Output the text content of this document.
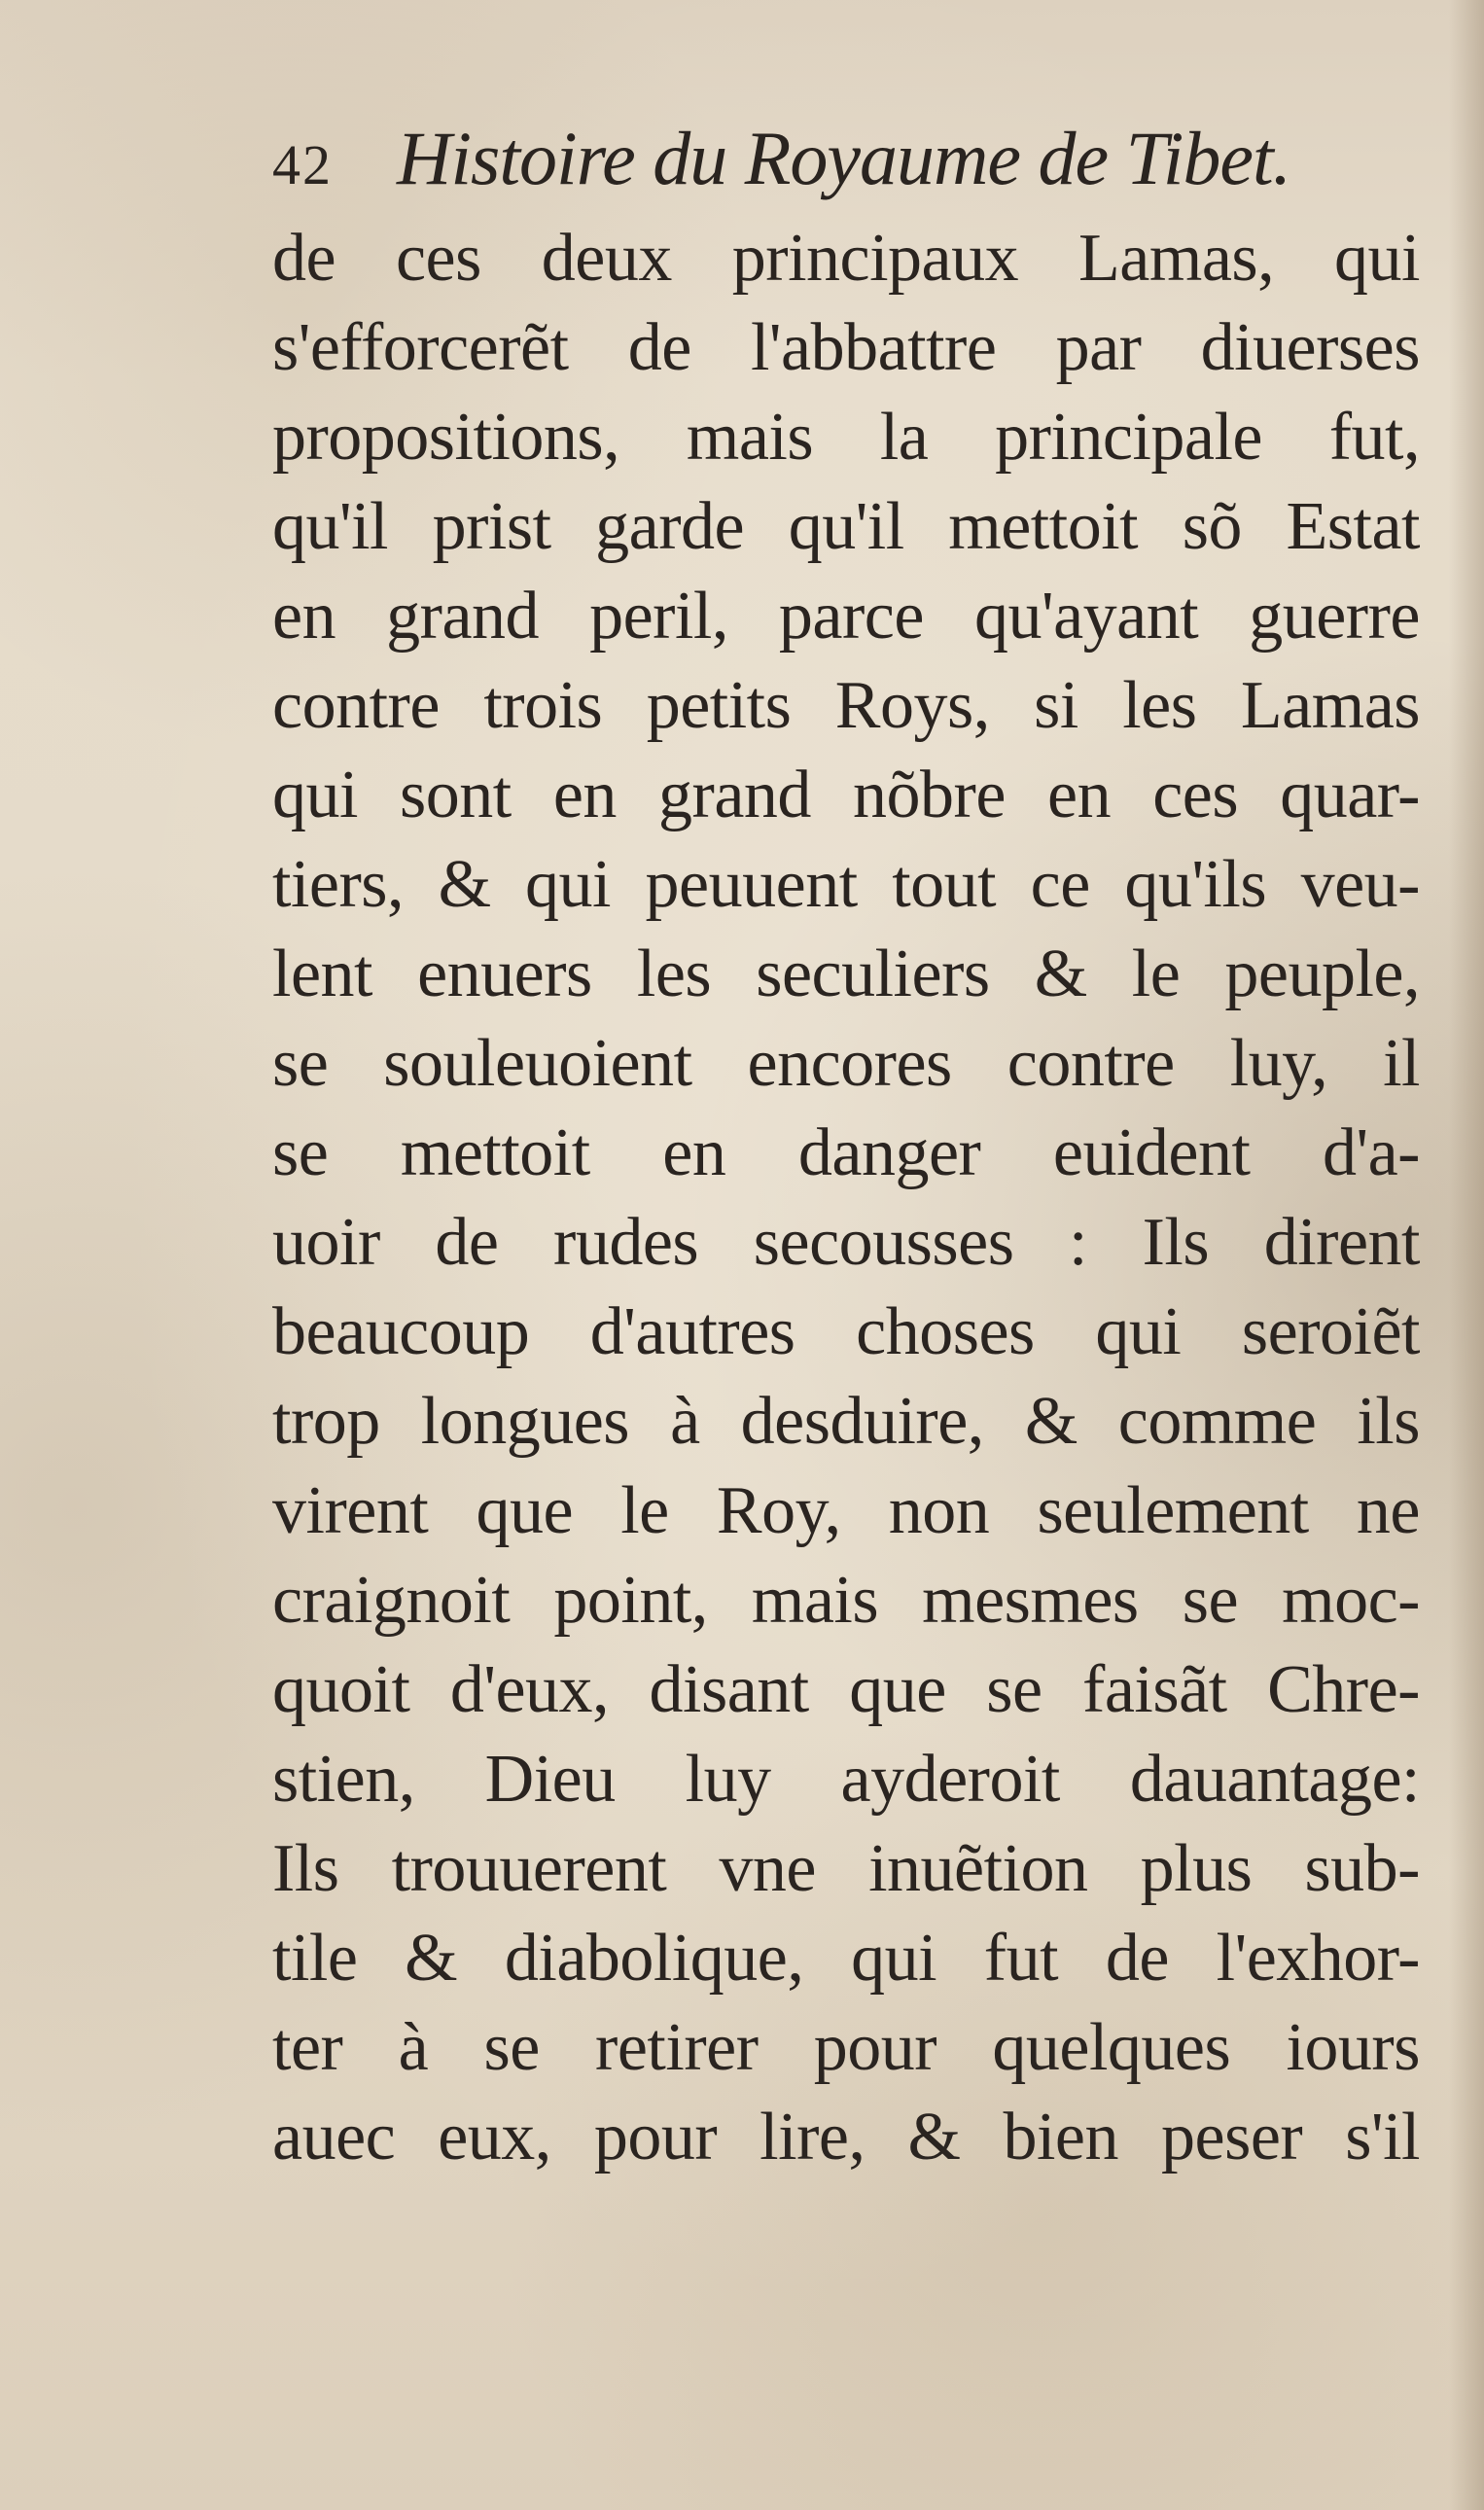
42 Histoire du Royaume de Tibet.
de ces deux principaux Lamas, qui
s'efforcerẽt de l'abbattre par diuerses
propositions, mais la principale fut,
qu'il prist garde qu'il mettoit sõ Estat
en grand peril, parce qu'ayant guerre
contre trois petits Roys, si les Lamas
qui sont en grand nõbre en ces quar-
tiers, & qui peuuent tout ce qu'ils veu-
lent enuers les seculiers & le peuple,
se souleuoient encores contre luy, il
se mettoit en danger euident d'a-
uoir de rudes secousses : Ils dirent
beaucoup d'autres choses qui seroiẽt
trop longues à desduire, & comme ils
virent que le Roy, non seulement ne
craignoit point, mais mesmes se moc-
quoit d'eux, disant que se faisãt Chre-
stien, Dieu luy ayderoit dauantage:
Ils trouuerent vne inuẽtion plus sub-
tile & diabolique, qui fut de l'exhor-
ter à se retirer pour quelques iours
auec eux, pour lire, & bien peser s'il
